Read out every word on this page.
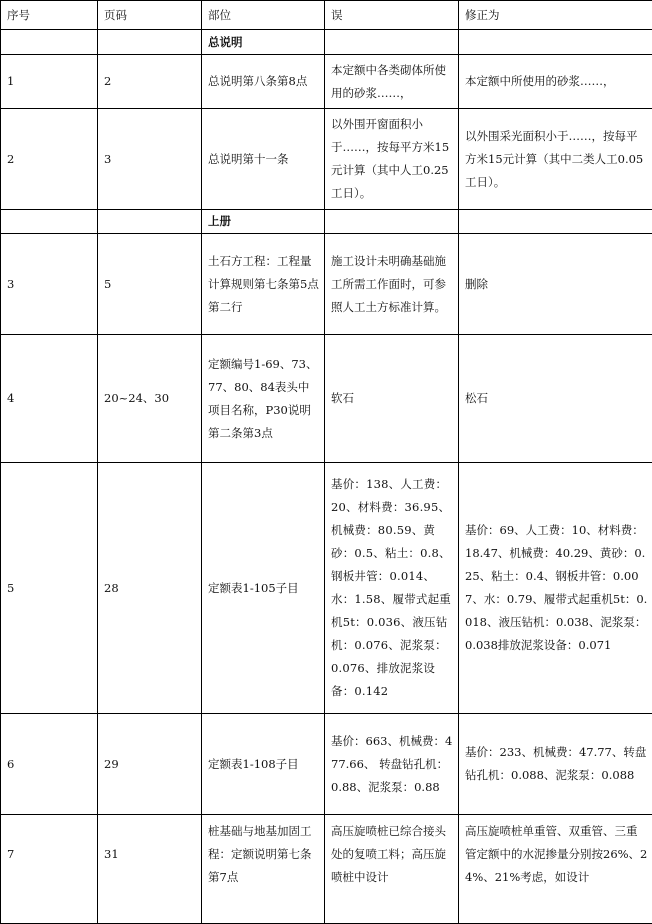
序号	页码	部位	误	修正为
		总说明		
1	2	总说明第八条第8点	本定额中各类砌体所使用的砂浆……，	本定额中所使用的砂浆……，
2	3	总说明第十一条	以外围开窗面积小于……，按每平方米15元计算（其中人工0.25工日）。	以外围采光面积小于……，按每平方米15元计算（其中二类人工0.05工日）。
		上册		
3	5	土石方工程：工程量计算规则第七条第5点第二行	施工设计未明确基础施工所需工作面时，可参照人工土方标准计算。	删除
4	20~24、30	定额编号1-69、73、77、80、84表头中项目名称，P30说明第二条第3点	软石	松石
5	28	定额表1-105子目	基价：138、人工费：20、材料费：36.95、机械费：80.59、黄砂：0.5、粘土：0.8、钢板井管：0.014、水：1.58、履带式起重机5t：0.036、液压钻机：0.076、泥浆泵：0.076、排放泥浆设备：0.142	基价：69、人工费：10、材料费：18.47、机械费：40.29、黄砂：0.25、粘土：0.4、钢板井管：0.007、水：0.79、履带式起重机5t：0.018、液压钻机：0.038、泥浆泵：0.038排放泥浆设备：0.071
6	29	定额表1-108子目	基价：663、机械费：477.66、 转盘钻孔机：0.88、泥浆泵：0.88	基价：233、机械费：47.77、转盘钻孔机：0.088、泥浆泵：0.088
7	31	桩基础与地基加固工程：定额说明第七条第7点	高压旋喷桩已综合接头处的复喷工料；高压旋喷桩中设计	高压旋喷桩单重管、双重管、三重管定额中的水泥掺量分别按26%、24%、21%考虑，如设计
